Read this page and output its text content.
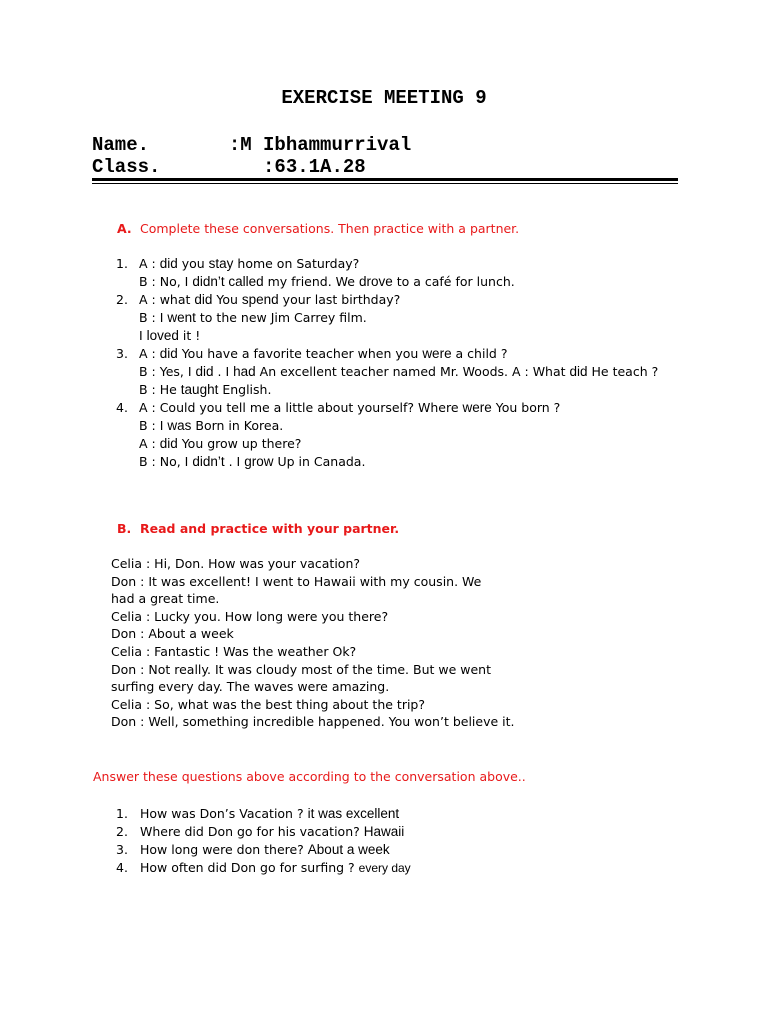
EXERCISE MEETING 9
Name.       :M Ibhammurrival
Class.         :63.1A.28
A. Complete these conversations. Then practice with a partner.
1. A : did you stay home on Saturday?
B : No, I didn’t called my friend. We drove to a café for lunch.
2. A : what did You spend your last birthday?
B : I went to the new Jim Carrey film.
I loved it !
3. A : did You have a favorite teacher when you were a child ?
B : Yes, I did . I had An excellent teacher named Mr. Woods. A : What did He teach ?
B : He taught English.
4. A : Could you tell me a little about yourself? Where were You born ?
B : I was Born in Korea.
A : did You grow up there?
B : No, I didn’t . I grow Up in Canada.
B. Read and practice with your partner.
Celia : Hi, Don. How was your vacation?
Don : It was excellent! I went to Hawaii with my cousin. We
had a great time.
Celia : Lucky you. How long were you there?
Don : About a week
Celia : Fantastic ! Was the weather Ok?
Don : Not really. It was cloudy most of the time. But we went
surfing every day. The waves were amazing.
Celia : So, what was the best thing about the trip?
Don : Well, something incredible happened. You won’t believe it.
Answer these questions above according to the conversation above..
1. How was Don’s Vacation ? it was excellent
2. Where did Don go for his vacation? Hawaii
3. How long were don there? About a week
4. How often did Don go for surfing ? every day
